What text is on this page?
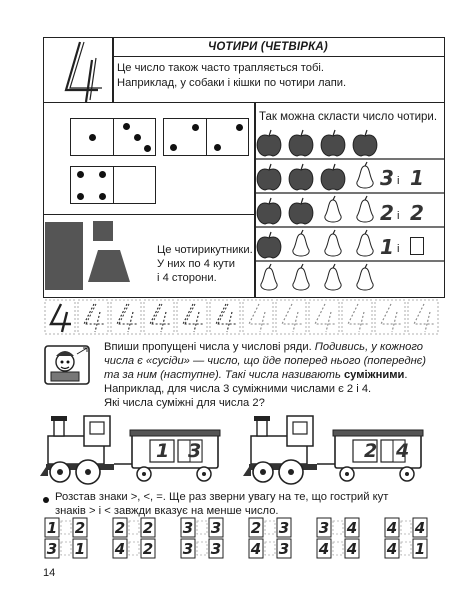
ЧОТИРИ (ЧЕТВІРКА)
Це число також часто трапляється тобі.
Наприклад, у собаки і кішки по чотири лапи.
Так можна скласти число чотири.
3 і 1
2 і 2
1 і
Це чотирикутники.
У них по 4 кути
і 4 сторони.
Впиши пропущені числа у числові ряди. Подивись, у кожного
числа є «сусіди» — число, що йде поперед нього (попереднє)
та за ним (наступне). Такі числа називають суміжними.
Наприклад, для числа 3 суміжними числами є 2 і 4.
Які числа суміжні для числа 2?
1 3	2 4
Розстав знаки >, <, =. Ще раз зверни увагу на те, що гострий кут
знаків > і < завжди вказує на менше число.
1 2
3 1
2 2
4 2
3 3
3 3
2 3
4 3
3 4
4 4
4 4
4 1
14
